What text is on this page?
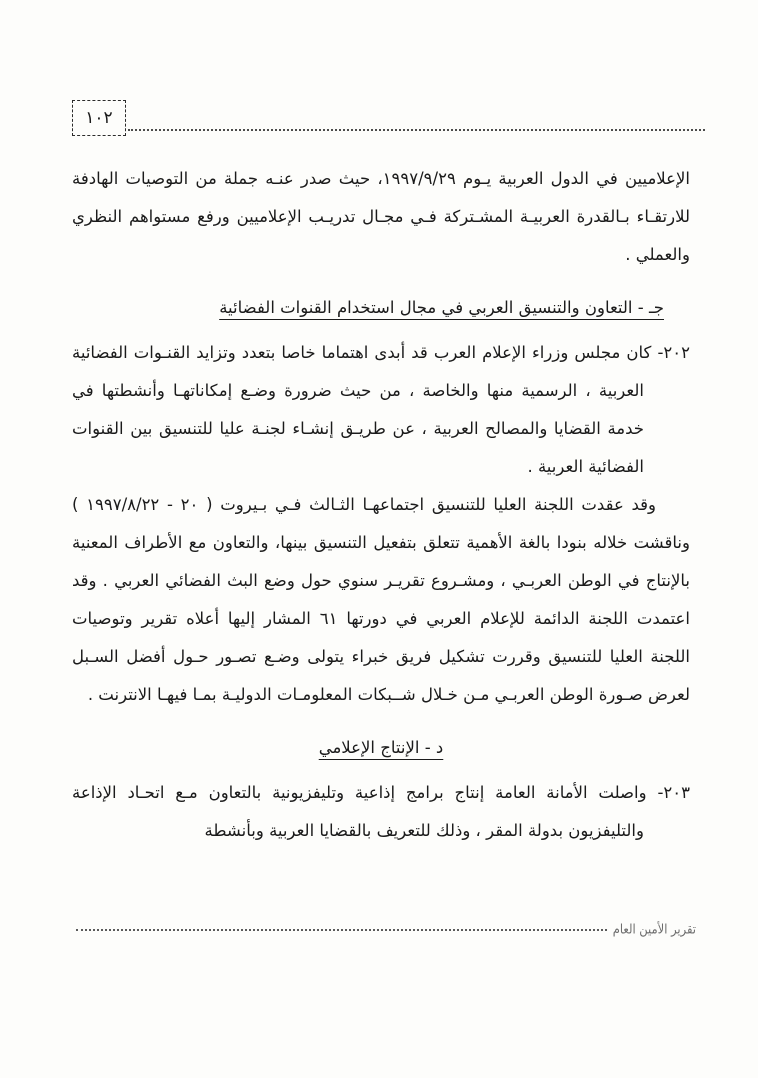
١٠٢

الإعلاميين في الدول العربية يـوم ١٩٩٧/٩/٢٩، حيث صدر عنـه جملة من التوصيات الهادفة للارتقـاء بـالقدرة العربيـة المشـتركة فـي مجـال تدريـب الإعلاميين ورفع مستواهم النظري والعملي .

جـ - التعاون والتنسيق العربي في مجال استخدام القنوات الفضائية

٢٠٢- كان مجلس وزراء الإعلام العرب قد أبدى اهتماما خاصا بتعدد وتزايد القنـوات الفضائية العربية ، الرسمية منها والخاصة ، من حيث ضرورة وضـع إمكاناتهـا وأنشطتها في خدمة القضايا والمصالح العربية ، عن طريـق إنشـاء لجنـة عليا للتنسيق بين القنوات الفضائية العربية .

وقد عقدت اللجنة العليا للتنسيق اجتماعهـا الثـالث فـي بـيروت ( ٢٠ - ١٩٩٧/٨/٢٢ ) وناقشت خلاله بنودا بالغة الأهمية تتعلق بتفعيل التنسيق بينها، والتعاون مع الأطراف المعنية بالإنتاج في الوطن العربـي ، ومشـروع تقريـر سنوي حول وضع البث الفضائي العربي . وقد اعتمدت اللجنة الدائمة للإعلام العربي في دورتها ٦١ المشار إليها أعلاه تقرير وتوصيات اللجنة العليا للتنسيق وقررت تشكيل فريق خبراء يتولى وضـع تصـور حـول أفضل السـبل لعرض صـورة الوطن العربـي مـن خـلال شــبكات المعلومـات الدوليـة بمـا فيهـا الانترنت .

د - الإنتاج الإعلامي

٢٠٣- واصلت الأمانة العامة إنتاج برامج إذاعية وتليفزيونية بالتعاون مـع اتحـاد الإذاعة والتليفزيون بدولة المقر ، وذلك للتعريف بالقضايا العربية وبأنشطة

تقرير الأمين العام
